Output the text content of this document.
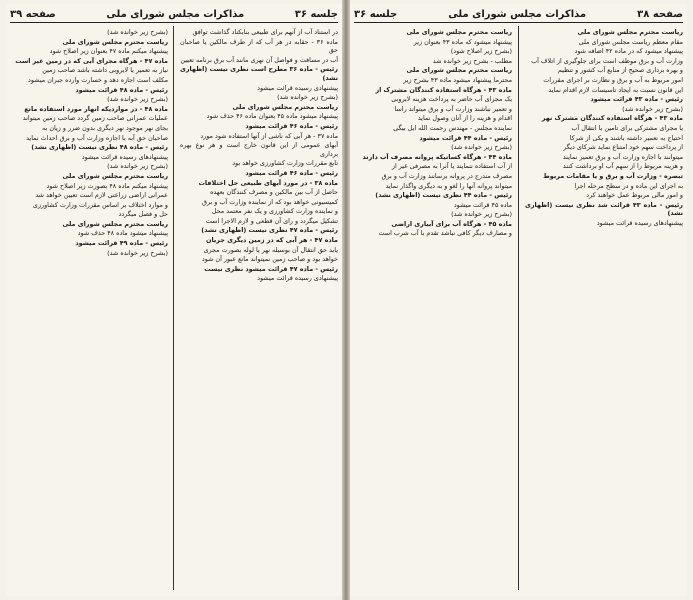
جلسه ۳۶
مذاکرات مجلس شورای ملی
صفحه ۳۹

در استناد آب از آنهم برای طبیعی بنابکناد گذاشت توافق

ماده ۳۶ - حقابه در هر آب که از طرف مالکین یا صاحبان حق

آب در مسافت و فواصل آن نهری مانند آب برق برنامه تعیین

رئیس - ماده ۳۶ مطرح است نظری نیست (اظهاری نشد)

پیشنهادی رسیده قرائت میشود

(بشرح زیر خوانده شد)

ریاست محترم مجلس شورای ملی

پیشنهاد میشود ماده ۴۵ بعنوان ماده ۴۶ حذف شود

رئیس - ماده ۴۶ قرائت میشود

ماده ۳۷ - هر آبی که ناشی از آنها استفاده شود مورد

آبهای عمومی از این قانون خارج است و هر نوع بهره برداری

تابع مقررات وزارت کشاورزی خواهد بود

رئیس - ماده ۴۶ قرائت میشود

ماده ۳۸ - در مورد آبهای طبیعی حل اختلافات

حاصل از آب بین مالکین و مصرف کنندگان بعهده

کمیسیونی خواهد بود که از نماینده وزارت آب و برق

و نماینده وزارت کشاورزی و یک نفر معتمد محل

تشکیل میگردد و رای آن قطعی و لازم الاجرا است

رئیس - ماده ۴۷ نظری نیست (اظهاری نشد)

ماده ۴۷ - هر آبی که در زمین دیگری جریان

یابد حق انتقال آن بوسیله نهر یا لوله بصورت مجری

خواهد بود و صاحب زمین نمیتواند مانع عبور آن شود

رئیس - ماده ۴۷ قرائت میشود نظری نیست

پیشنهادی رسیده قرائت میشود

(بشرح زیر خوانده شد)

ریاست محترم مجلس شورای ملی

پیشنهاد میکنم ماده ۴۷ بعنوان زیر اصلاح شود

ماده ۴۷ - هرگاه مجرای آبی که در زمین غیر است

نیاز به تعمیر یا لایروبی داشته باشد صاحب زمین

مکلف است اجازه دهد و خسارت وارده جبران میشود

رئیس - ماده ۴۸ قرائت میشود

(بشرح زیر خوانده شد)

ماده ۴۸ - در مواردیکه انهار مورد استفاده مانع

عملیات عمرانی صاحب زمین گردد صاحب زمین میتواند

بجای نهر موجود نهر دیگری بدون ضرر و زیان به

صاحبان حق آبه با اجازه وزارت آب و برق احداث نماید

رئیس - ماده ۴۸ نظری نیست (اظهاری نشد)

پیشنهادهای رسیده قرائت میشود

(بشرح زیر خوانده شد)

ریاست محترم مجلس شورای ملی

پیشنهاد میکنم ماده ۴۸ بصورت زیر اصلاح شود

عمرانی اراضی زراعتی لازم است تعیین خواهد شد

و موارد اختلاف بر اساس مقررات وزارت کشاورزی

حل و فصل میگردد

ریاست محترم مجلس شورای ملی

پیشنهاد میشود ماده ۴۸ حذف شود

رئیس - ماده ۴۹ قرائت میشود

(بشرح زیر خوانده شد)

صفحه ۳۸
مذاکرات مجلس شورای ملی
جلسه ۳۶

ریاست محترم مجلس شورای ملی

مقام معظم ریاست مجلس شورای ملی

پیشنهاد میشود که در ماده ۴۲ اضافه شود

وزارت آب و برق موظف است برای جلوگیری از اتلاف آب

و بهره برداری صحیح از منابع آب کشور و تنظیم

امور مربوط به آب و برق و نظارت بر اجرای مقررات

این قانون نسبت به ایجاد تاسیسات لازم اقدام نماید

رئیس - ماده ۴۳ قرائت میشود

(بشرح زیر خوانده شد)

ماده ۴۳ - هرگاه استفاده کنندگان مشترک نهر

یا مجرای مشترکی برای تامین یا انتقال آب

احتیاج به تعمیر داشته باشند و یکی از شرکا

از پرداخت سهم خود امتناع نماید شرکای دیگر

میتوانند با اجازه وزارت آب و برق تعمیر نمایند

و هزینه مربوط را از سهم آب او برداشت کنند

تبصره - وزارت آب و برق و یا مقامات مربوط

به اجرای این ماده و در سطح مرحله اجرا

و امور مالی مربوط عمل خواهند کرد

رئیس - ماده ۴۳ قرائت شد نظری نیست (اظهاری نشد)

پیشنهادهای رسیده قرائت میشود

ریاست محترم مجلس شورای ملی

پیشنهاد میشود که ماده ۴۳ بعنوان زیر

(بشرح زیر اصلاح شود)

مطلب - بشرح زیر خوانده شد

ریاست محترم مجلس شورای ملی

محترما پیشنهاد میشود ماده ۴۳ بشرح زیر

ماده ۴۳ - هرگاه استفاده کنندگان مشترک از

یک مجرای آب حاضر به پرداخت هزینه لایروبی

و تعمیر نباشند وزارت آب و برق میتواند راسا

اقدام و هزینه را از آنان وصول نماید

نماینده مجلس - مهندس رحمت الله ایل بیگی

رئیس - ماده ۴۴ قرائت میشود

(بشرح زیر خوانده شد)

ماده ۴۴ - هرگاه کسانیکه پروانه مصرف آب دارند

از آب استفاده ننمایند یا آنرا به مصرفی غیر از

مصرف مندرج در پروانه برسانند وزارت آب و برق

میتواند پروانه آنها را لغو و به دیگری واگذار نماید

رئیس - ماده ۴۴ نظری نیست (اظهاری نشد)

ماده ۴۵ قرائت میشود

(بشرح زیر خوانده شد)

ماده ۴۵ - هرگاه آب برای آبیاری اراضی

و مصارف دیگر کافی نباشد تقدم با آب شرب است
